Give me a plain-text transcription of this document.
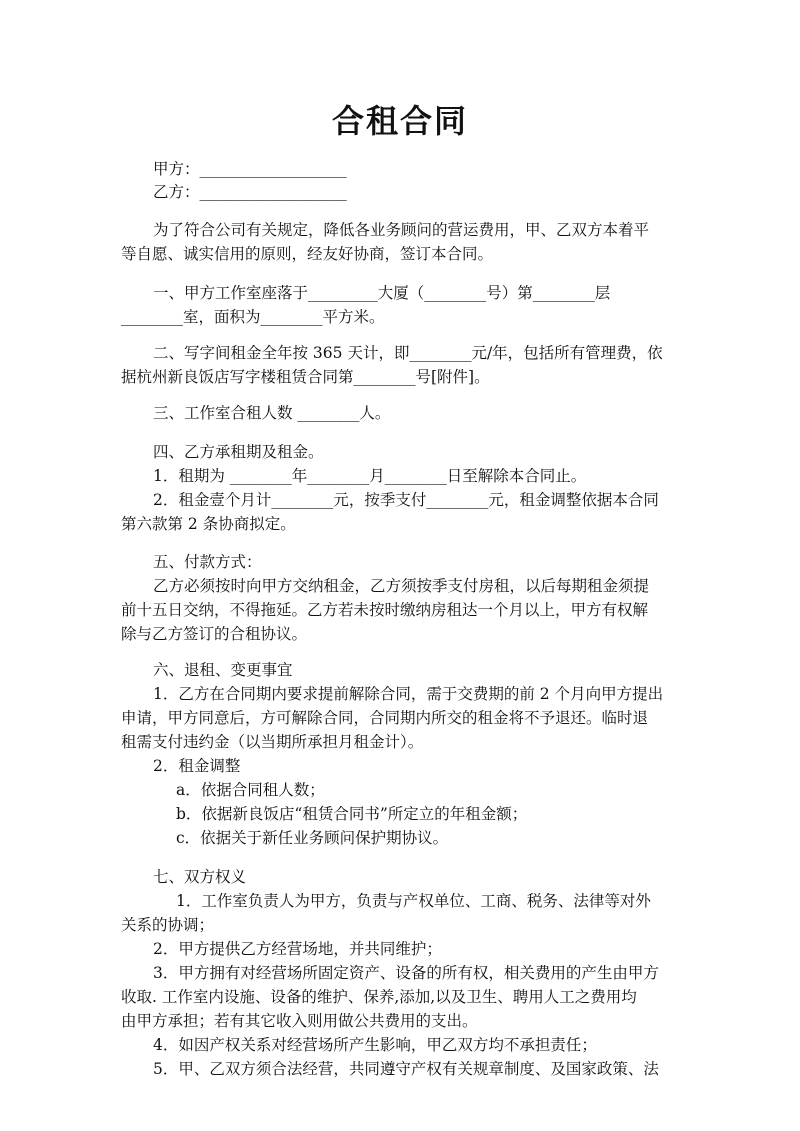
合租合同
甲方：___________________
乙方：___________________
为了符合公司有关规定，降低各业务顾问的营运费用，甲、乙双方本着平
等自愿、诚实信用的原则，经友好协商，签订本合同。
一、甲方工作室座落于_________大厦（________号）第________层
________室，面积为________平方米。
二、写字间租金全年按 365 天计，即________元/年，包括所有管理费，依
据杭州新良饭店写字楼租赁合同第________号[附件]。
三、工作室合租人数 ________人。
四、乙方承租期及租金。
1．租期为 ________年________月________日至解除本合同止。
2．租金壹个月计________元，按季支付________元，租金调整依据本合同
第六款第 2 条协商拟定。
五、付款方式：
乙方必须按时向甲方交纳租金，乙方须按季支付房租，以后每期租金须提
前十五日交纳，不得拖延。乙方若未按时缴纳房租达一个月以上，甲方有权解
除与乙方签订的合租协议。
六、退租、变更事宜
1．乙方在合同期内要求提前解除合同，需于交费期的前 2 个月向甲方提出
申请，甲方同意后，方可解除合同，合同期内所交的租金将不予退还。临时退
租需支付违约金（以当期所承担月租金计）。
2．租金调整
a．依据合同租人数；
b．依据新良饭店“租赁合同书”所定立的年租金额；
c．依据关于新任业务顾问保护期协议。
七、双方权义
1．工作室负责人为甲方，负责与产权单位、工商、税务、法律等对外
关系的协调；
2．甲方提供乙方经营场地，并共同维护；
3．甲方拥有对经营场所固定资产、设备的所有权，相关费用的产生由甲方
收取. 工作室内设施、设备的维护、保养,添加,以及卫生、聘用人工之费用均
由甲方承担；若有其它收入则用做公共费用的支出。
4．如因产权关系对经营场所产生影响，甲乙双方均不承担责任；
5．甲、乙双方须合法经营，共同遵守产权有关规章制度、及国家政策、法
